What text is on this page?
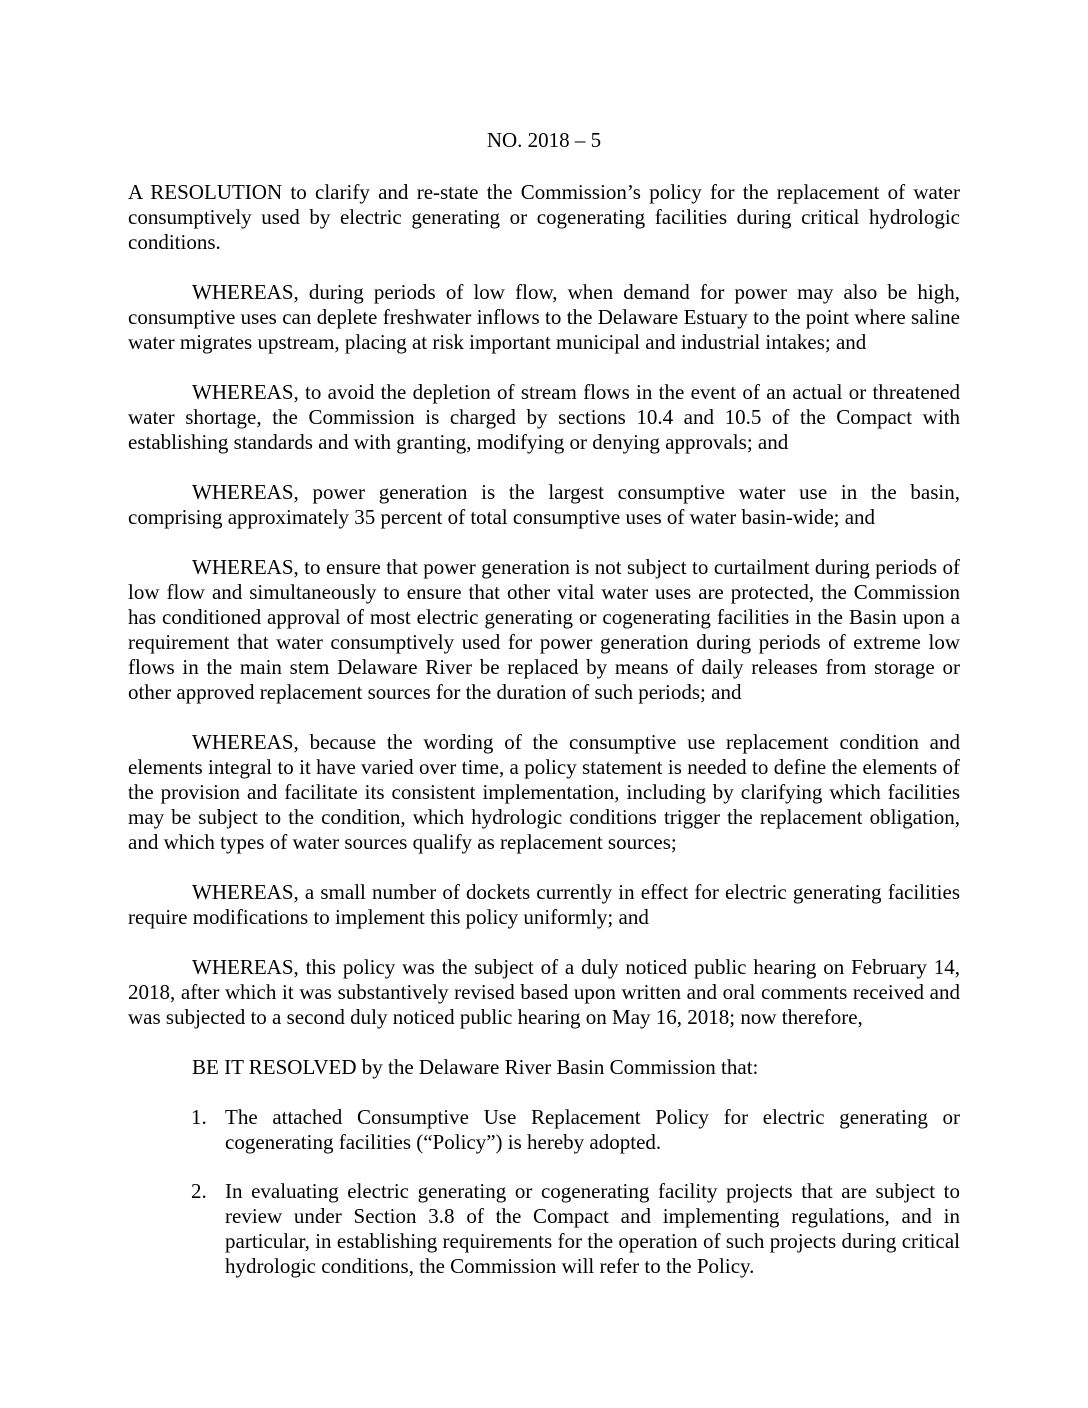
NO. 2018 – 5

A RESOLUTION to clarify and re-state the Commission’s policy for the replacement of water consumptively used by electric generating or cogenerating facilities during critical hydrologic conditions.

WHEREAS, during periods of low flow, when demand for power may also be high, consumptive uses can deplete freshwater inflows to the Delaware Estuary to the point where saline water migrates upstream, placing at risk important municipal and industrial intakes; and

WHEREAS, to avoid the depletion of stream flows in the event of an actual or threatened water shortage, the Commission is charged by sections 10.4 and 10.5 of the Compact with establishing standards and with granting, modifying or denying approvals; and

WHEREAS, power generation is the largest consumptive water use in the basin, comprising approximately 35 percent of total consumptive uses of water basin-wide; and

WHEREAS, to ensure that power generation is not subject to curtailment during periods of low flow and simultaneously to ensure that other vital water uses are protected, the Commission has conditioned approval of most electric generating or cogenerating facilities in the Basin upon a requirement that water consumptively used for power generation during periods of extreme low flows in the main stem Delaware River be replaced by means of daily releases from storage or other approved replacement sources for the duration of such periods; and

WHEREAS, because the wording of the consumptive use replacement condition and elements integral to it have varied over time, a policy statement is needed to define the elements of the provision and facilitate its consistent implementation, including by clarifying which facilities may be subject to the condition, which hydrologic conditions trigger the replacement obligation, and which types of water sources qualify as replacement sources;

WHEREAS, a small number of dockets currently in effect for electric generating facilities require modifications to implement this policy uniformly; and

WHEREAS, this policy was the subject of a duly noticed public hearing on February 14, 2018, after which it was substantively revised based upon written and oral comments received and was subjected to a second duly noticed public hearing on May 16, 2018; now therefore,

BE IT RESOLVED by the Delaware River Basin Commission that:

1. The attached Consumptive Use Replacement Policy for electric generating or cogenerating facilities (“Policy”) is hereby adopted.
2. In evaluating electric generating or cogenerating facility projects that are subject to review under Section 3.8 of the Compact and implementing regulations, and in particular, in establishing requirements for the operation of such projects during critical hydrologic conditions, the Commission will refer to the Policy.
